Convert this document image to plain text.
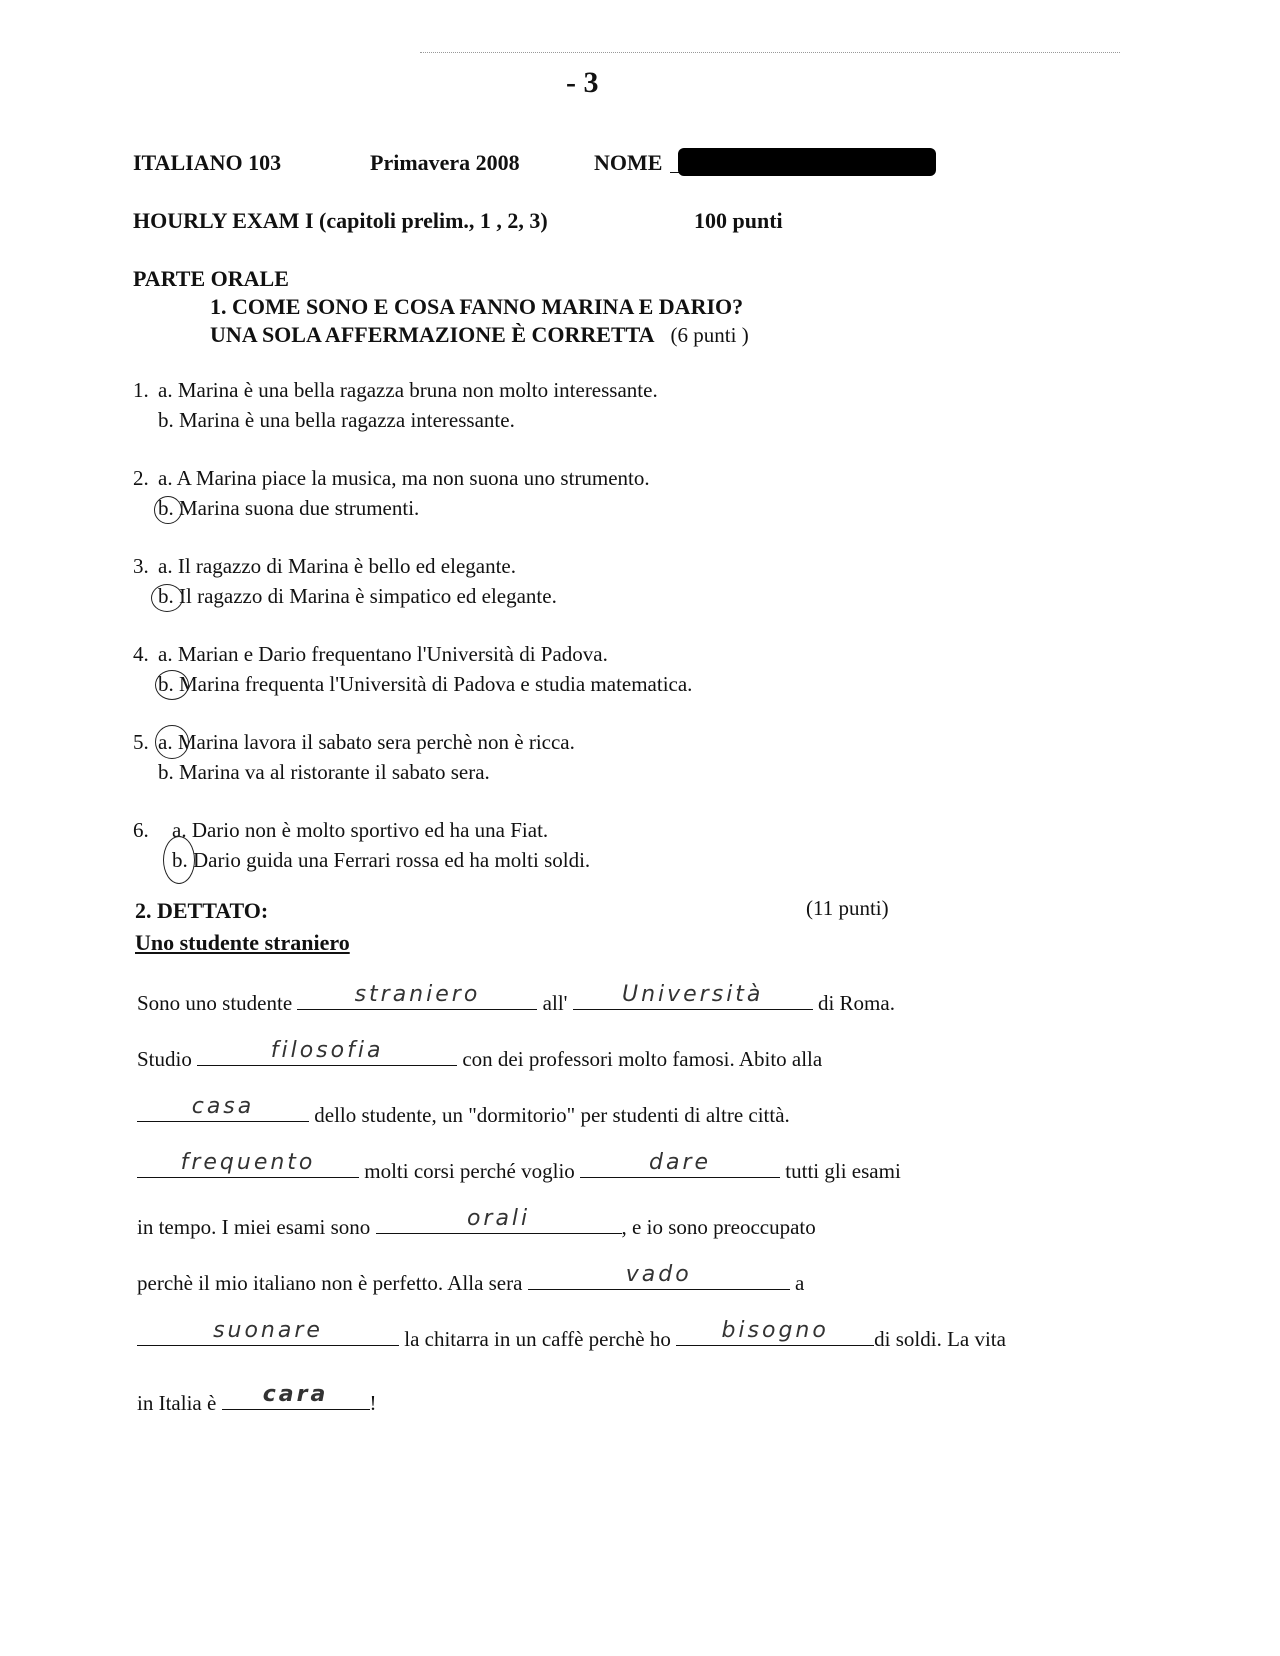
- 3
ITALIANO 103	Primavera 2008	NOME
HOURLY EXAM I (capitoli prelim., 1 , 2, 3)	100 punti
PARTE ORALE
1. COME SONO E COSA FANNO MARINA E DARIO?
UNA SOLA AFFERMAZIONE È CORRETTA (6 punti )
1. a. Marina è una bella ragazza bruna non molto interessante.
b. Marina è una bella ragazza interessante.
2. a. A Marina piace la musica, ma non suona uno strumento.
b. Marina suona due strumenti.
3. a. Il ragazzo di Marina è bello ed elegante.
b. Il ragazzo di Marina è simpatico ed elegante.
4. a. Marian e Dario frequentano l'Università di Padova.
b. Marina frequenta l'Università di Padova e studia matematica.
5. a. Marina lavora il sabato sera perchè non è ricca.
b. Marina va al ristorante il sabato sera.
6. a. Dario non è molto sportivo ed ha una Fiat.
b. Dario guida una Ferrari rossa ed ha molti soldi.
2. DETTATO:	(11 punti)
Uno studente straniero
Sono uno studente	straniero	all'	Università	di Roma.
Studio	filosofia	con dei professori molto famosi. Abito alla
casa	dello studente, un "dormitorio" per studenti di altre città.
frequento	molti corsi perché voglio	dare	tutti gli esami
in tempo. I miei esami sono	orali	, e io sono preoccupato
perchè il mio italiano non è perfetto. Alla sera	vado	a
suonare	la chitarra in un caffè perchè ho	bisogno	di soldi. La vita
in Italia è	cara	!
